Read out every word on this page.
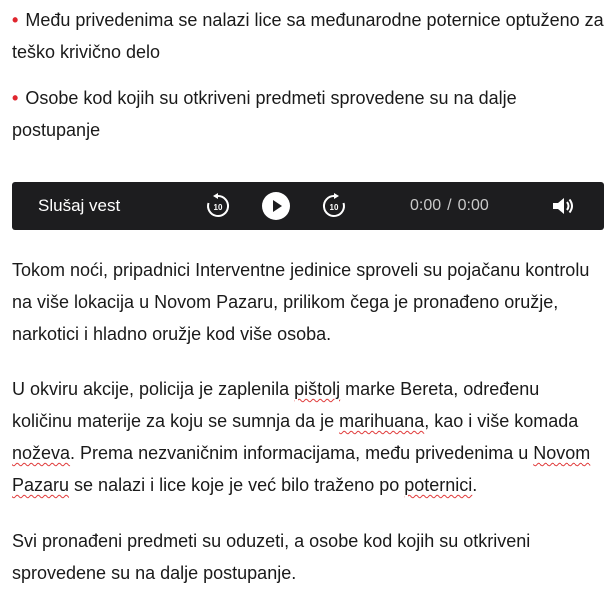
• Među privedenima se nalazi lice sa međunarodne poternice optuženo za teško krivično delo

• Osobe kod kojih su otkriveni predmeti sprovedene su na dalje postupanje

Slušaj vest	10	10	0:00 / 0:00

Tokom noći, pripadnici Interventne jedinice sproveli su pojačanu kontrolu na više lokacija u Novom Pazaru, prilikom čega je pronađeno oružje, narkotici i hladno oružje kod više osoba.

U okviru akcije, policija je zaplenila pištolj marke Bereta, određenu količinu materije za koju se sumnja da je marihuana, kao i više komada noževa. Prema nezvaničnim informacijama, među privedenima u Novom Pazaru se nalazi i lice koje je već bilo traženo po poternici.

Svi pronađeni predmeti su oduzeti, a osobe kod kojih su otkriveni sprovedene su na dalje postupanje.
